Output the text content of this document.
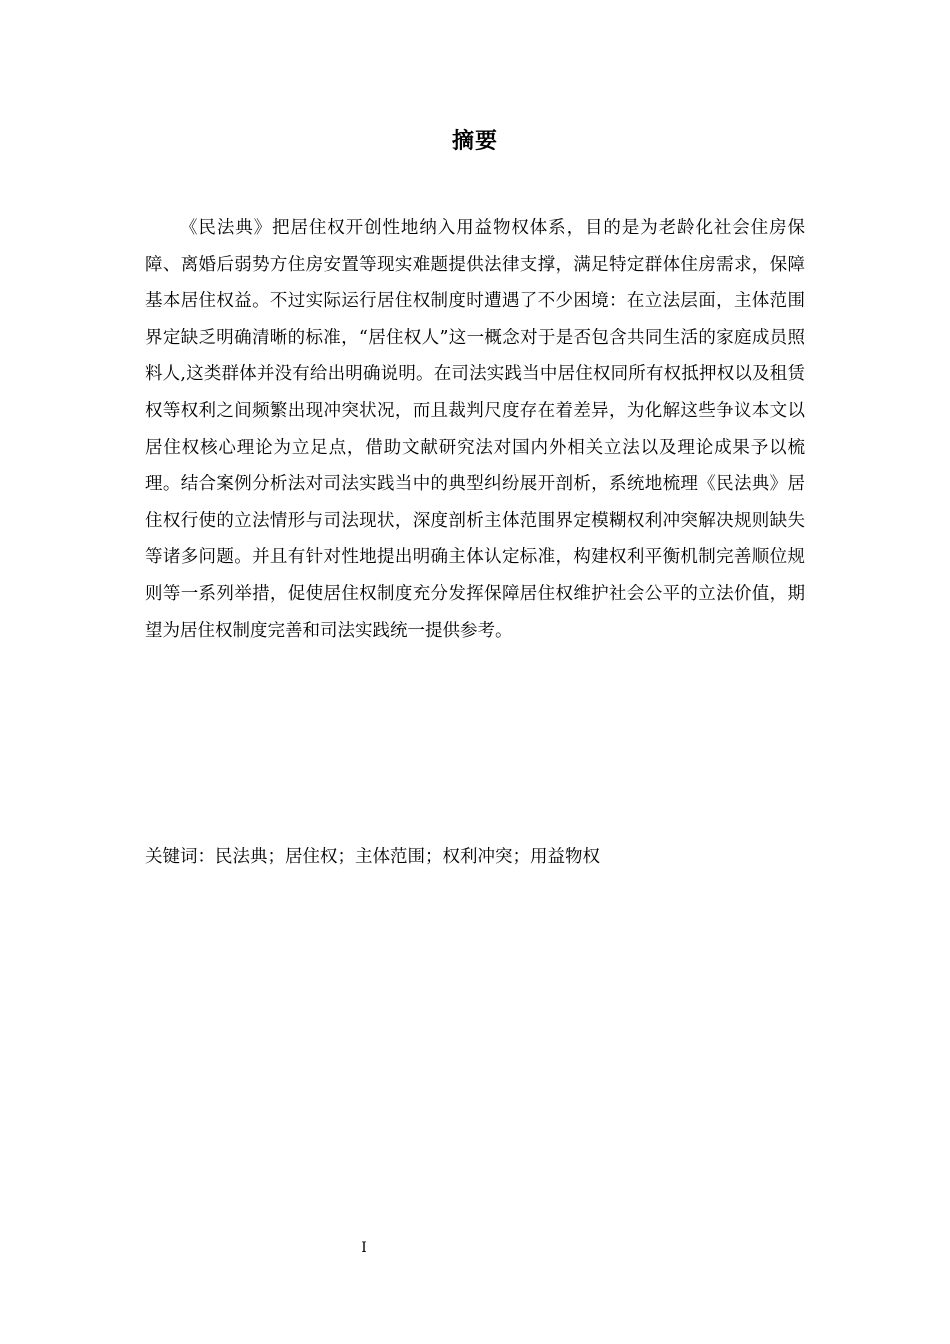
摘要

《民法典》把居住权开创性地纳入用益物权体系，目的是为老龄化社会住房保障、离婚后弱势方住房安置等现实难题提供法律支撑，满足特定群体住房需求，保障基本居住权益。不过实际运行居住权制度时遭遇了不少困境：在立法层面，主体范围界定缺乏明确清晰的标准，“居住权人”这一概念对于是否包含共同生活的家庭成员照料人,这类群体并没有给出明确说明。在司法实践当中居住权同所有权抵押权以及租赁权等权利之间频繁出现冲突状况，而且裁判尺度存在着差异，为化解这些争议本文以居住权核心理论为立足点，借助文献研究法对国内外相关立法以及理论成果予以梳理。结合案例分析法对司法实践当中的典型纠纷展开剖析，系统地梳理《民法典》居住权行使的立法情形与司法现状，深度剖析主体范围界定模糊权利冲突解决规则缺失等诸多问题。并且有针对性地提出明确主体认定标准，构建权利平衡机制完善顺位规则等一系列举措，促使居住权制度充分发挥保障居住权维护社会公平的立法价值，期望为居住权制度完善和司法实践统一提供参考。

关键词：民法典；居住权；主体范围；权利冲突；用益物权

I
